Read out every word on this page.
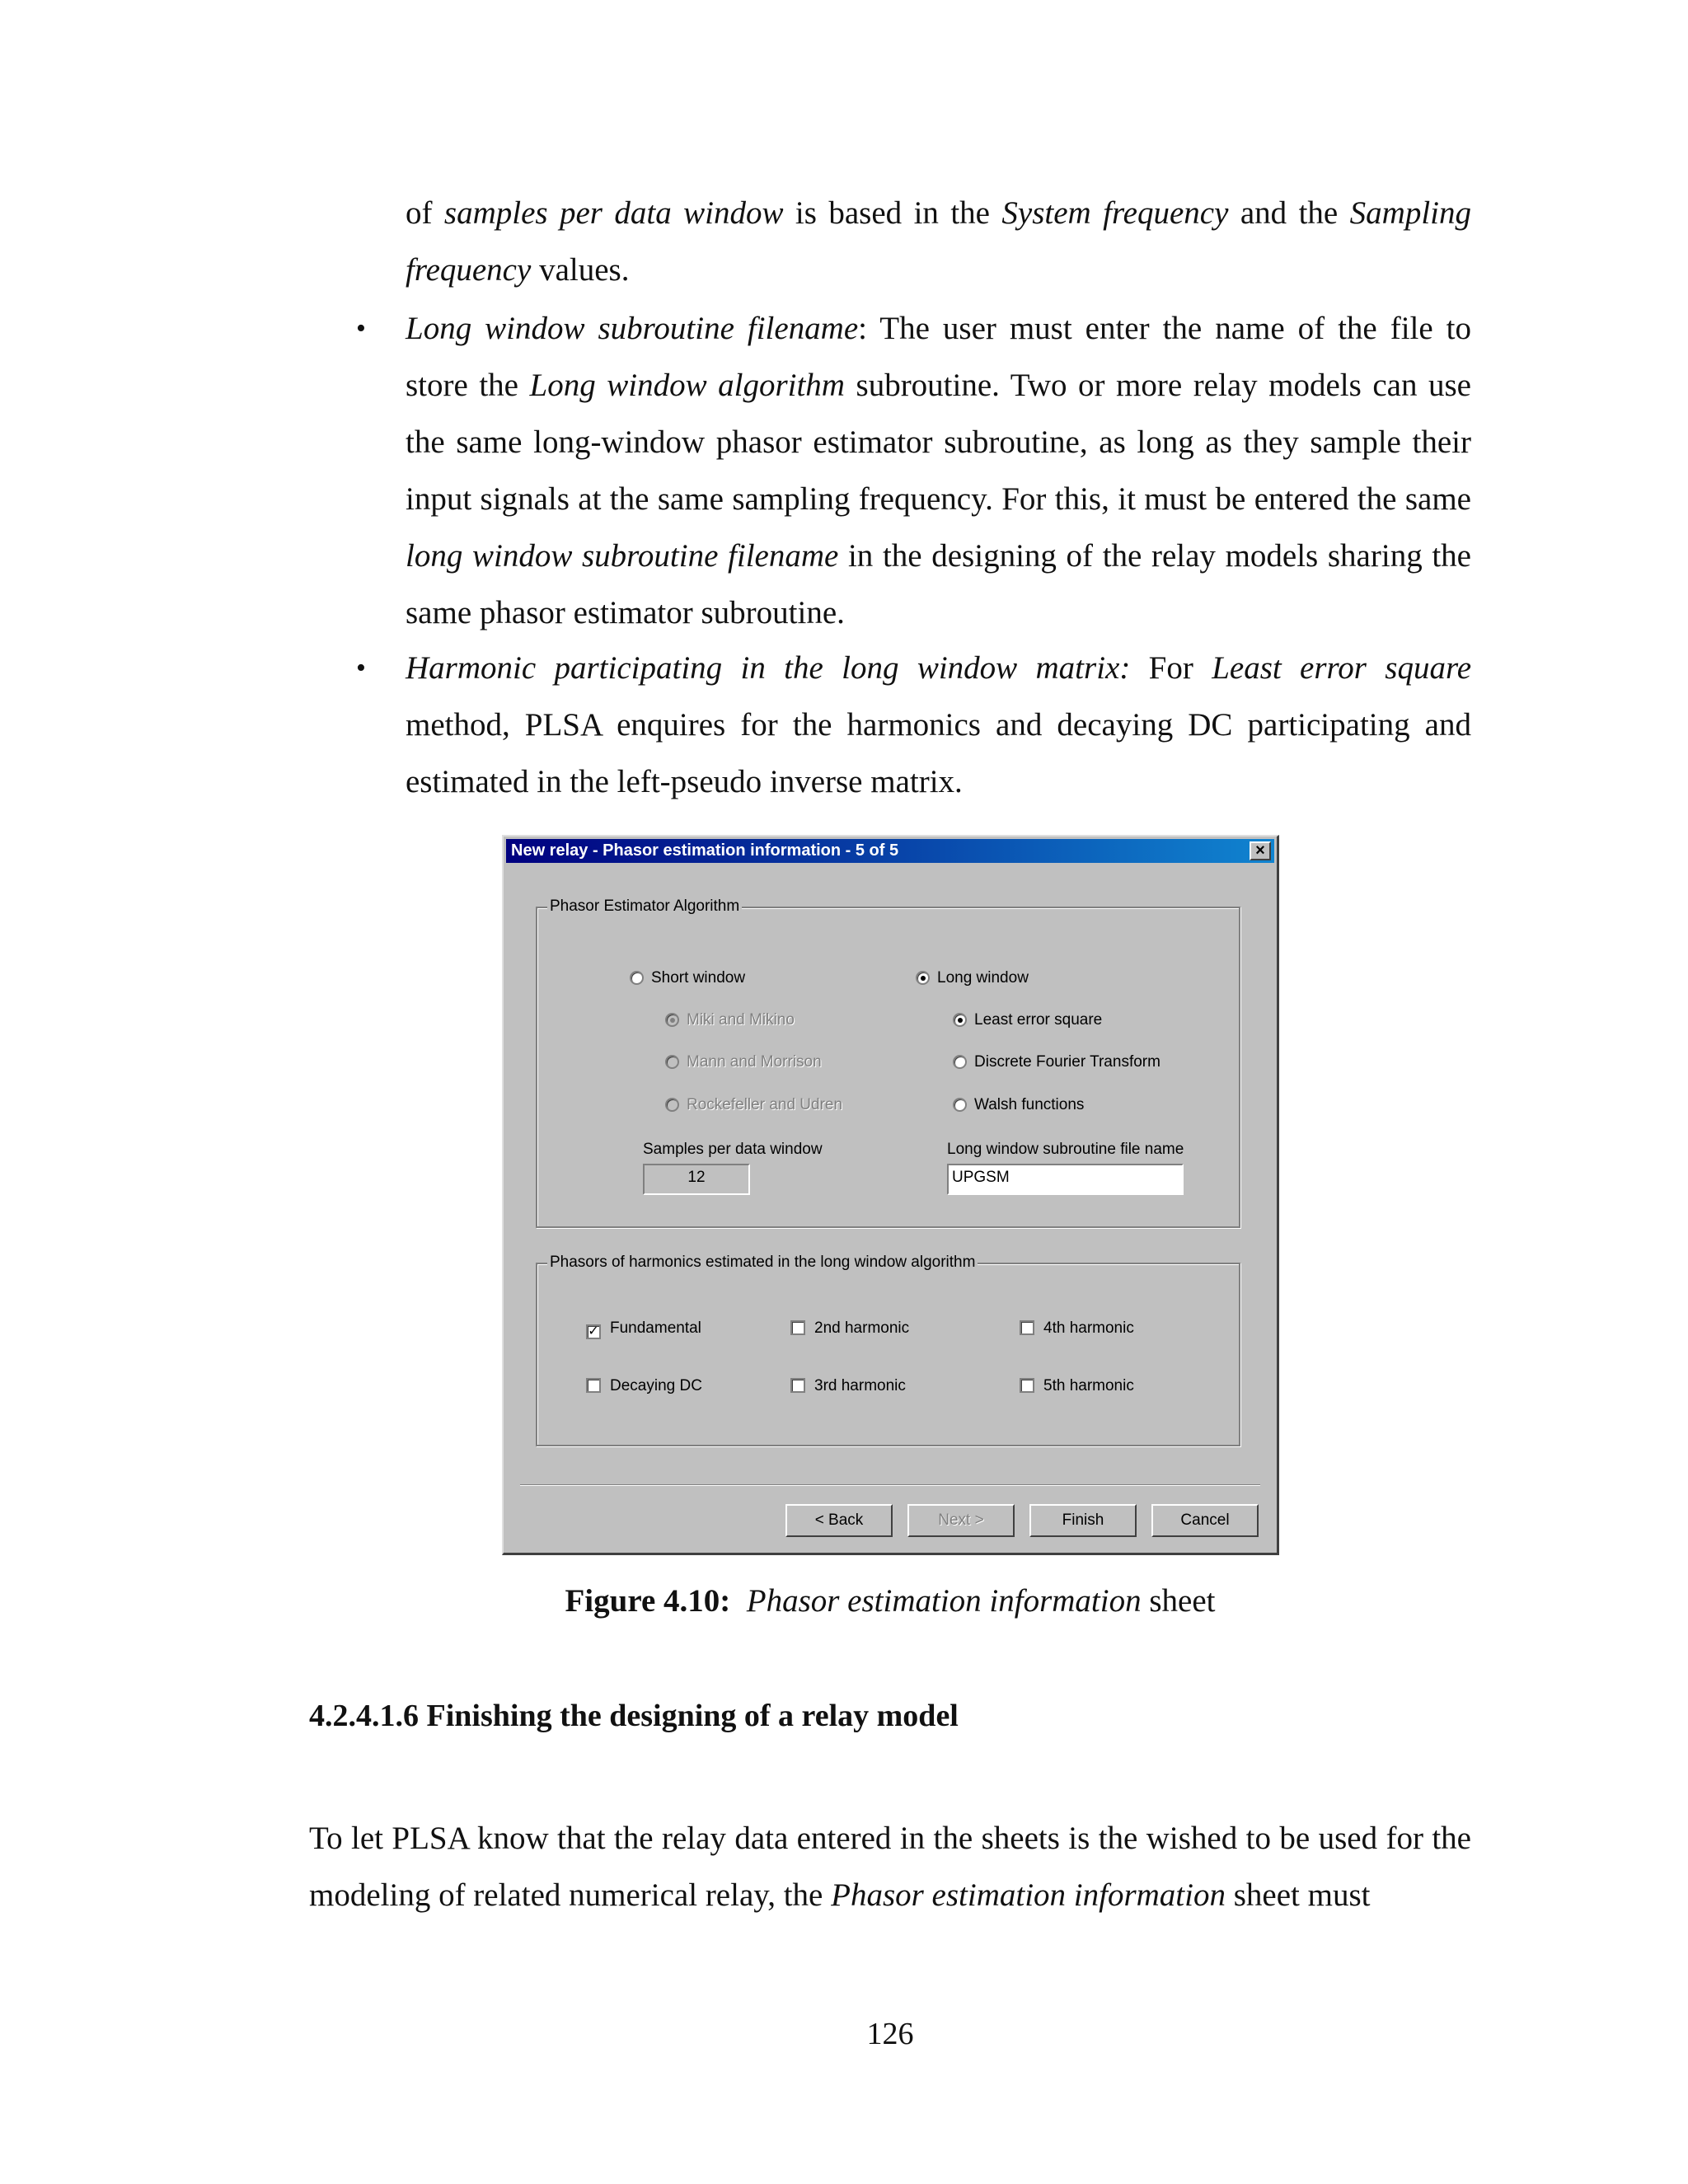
of samples per data window is based in the System frequency and the Sampling frequency values.
• Long window subroutine filename: The user must enter the name of the file to store the Long window algorithm subroutine. Two or more relay models can use the same long-window phasor estimator subroutine, as long as they sample their input signals at the same sampling frequency. For this, it must be entered the same long window subroutine filename in the designing of the relay models sharing the same phasor estimator subroutine.
• Harmonic participating in the long window matrix: For Least error square method, PLSA enquires for the harmonics and decaying DC participating and estimated in the left-pseudo inverse matrix.
New relay - Phasor estimation information - 5 of 5	×
Phasor Estimator Algorithm
Short window	Long window
Miki and Mikino
Mann and Morrison
Rockefeller and Udren
Least error square
Discrete Fourier Transform
Walsh functions
Samples per data window
12
Long window subroutine file name
UPGSM
Phasors of harmonics estimated in the long window algorithm
✓ Fundamental
Decaying DC
2nd harmonic
3rd harmonic
4th harmonic
5th harmonic
< Back	Next >	Finish	Cancel
Figure 4.10: Phasor estimation information sheet
4.2.4.1.6 Finishing the designing of a relay model
To let PLSA know that the relay data entered in the sheets is the wished to be used for the modeling of related numerical relay, the Phasor estimation information sheet must
126
